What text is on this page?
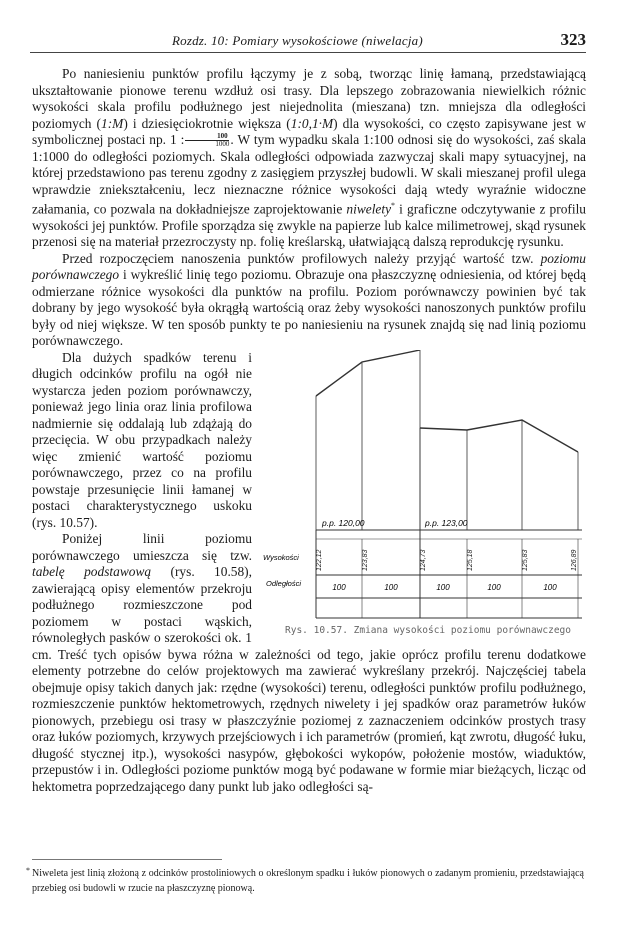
Rozdz. 10: Pomiary wysokościowe (niwelacja)	323

Po naniesieniu punktów profilu łączymy je z sobą, tworząc linię łamaną, przedstawiającą ukształtowanie pionowe terenu wzdłuż osi trasy. Dla lepszego zobrazowania niewielkich różnic wysokości skala profilu podłużnego jest niejednolita (mieszana) tzn. mniejsza dla odległości poziomych (1:M) i dziesięciokrotnie większa (1:0,1·M) dla wysokości, co często zapisywane jest w symbolicznej postaci np. 1 : $\frac{100}{1000}$ . W tym wypadku skala 1:100 odnosi się do wysokości, zaś skala 1:1000 do odległości poziomych. Skala odległości odpowiada zazwyczaj skali mapy sytuacyjnej, na której przedstawiono pas terenu zgodny z zasięgiem przyszłej budowli. W skali mieszanej profil ulega wprawdzie zniekształceniu, lecz nieznaczne różnice wysokości dają wtedy wyraźnie widoczne załamania, co pozwala na dokładniejsze zaprojektowanie niwelety* i graficzne odczytywanie z profilu wysokości jej punktów. Profile sporządza się zwykle na papierze lub kalce milimetrowej, skąd rysunek przenosi się na materiał przezroczysty np. folię kreślarską, ułatwiającą dalszą reprodukcję rysunku.

Przed rozpoczęciem nanoszenia punktów profilowych należy przyjąć wartość tzw. poziomu porównawczego i wykreślić linię tego poziomu. Obrazuje ona płaszczyznę odniesienia, od której będą odmierzane różnice wysokości dla punktów na profilu. Poziom porównawczy powinien być tak dobrany by jego wysokość była okrągłą wartością oraz żeby wysokości nanoszonych punktów profilu były od niej większe. W ten sposób punkty te po naniesieniu na rysunek znajdą się nad linią poziomu porównawczego.

p.p. 120,00	p.p. 123,00
Wysokości
Odległości
122,12	123,83	124,73	125,18	125,83	126,89
100	100	100	100	100
Rys. 10.57. Zmiana wysokości poziomu porównawczego

Dla dużych spadków terenu i długich odcinków profilu na ogół nie wystarcza jeden poziom porównawczy, ponieważ jego linia oraz linia profilowa nadmiernie się oddalają lub zdążają do przecięcia. W obu przypadkach należy więc zmienić wartość poziomu porównawczego, przez co na profilu powstaje przesunięcie linii łamanej w postaci charakterystycznego uskoku (rys. 10.57).

Poniżej linii poziomu porównawczego umieszcza się tzw. tabelę podstawową (rys. 10.58), zawierającą opisy elementów przekroju podłużnego rozmieszczone pod poziomem w postaci wąskich, równoległych pasków o szerokości ok. 1 cm. Treść tych opisów bywa różna w zależności od tego, jakie oprócz profilu terenu dodatkowe elementy potrzebne do celów projektowych ma zawierać wykreślany przekrój. Najczęściej tabela obejmuje opisy takich danych jak: rzędne (wysokości) terenu, odległości punktów profilu podłużnego, rozmieszczenie punktów hektometrowych, rzędnych niwelety i jej spadków oraz parametrów łuków pionowych, przebiegu osi trasy w płaszczyźnie poziomej z zaznaczeniem odcinków prostych trasy oraz łuków poziomych, krzywych przejściowych i ich parametrów (promień, kąt zwrotu, długość łuku, długość stycznej itp.), wysokości nasypów, głębokości wykopów, położenie mostów, wiaduktów, przepustów i in. Odległości poziome punktów mogą być podawane w formie miar bieżących, licząc od hektometra poprzedzającego dany punkt lub jako odległości są-

* Niweleta jest linią złożoną z odcinków prostoliniowych o określonym spadku i łuków pionowych o zadanym promieniu, przedstawiającą przebieg osi budowli w rzucie na płaszczyznę pionową.
